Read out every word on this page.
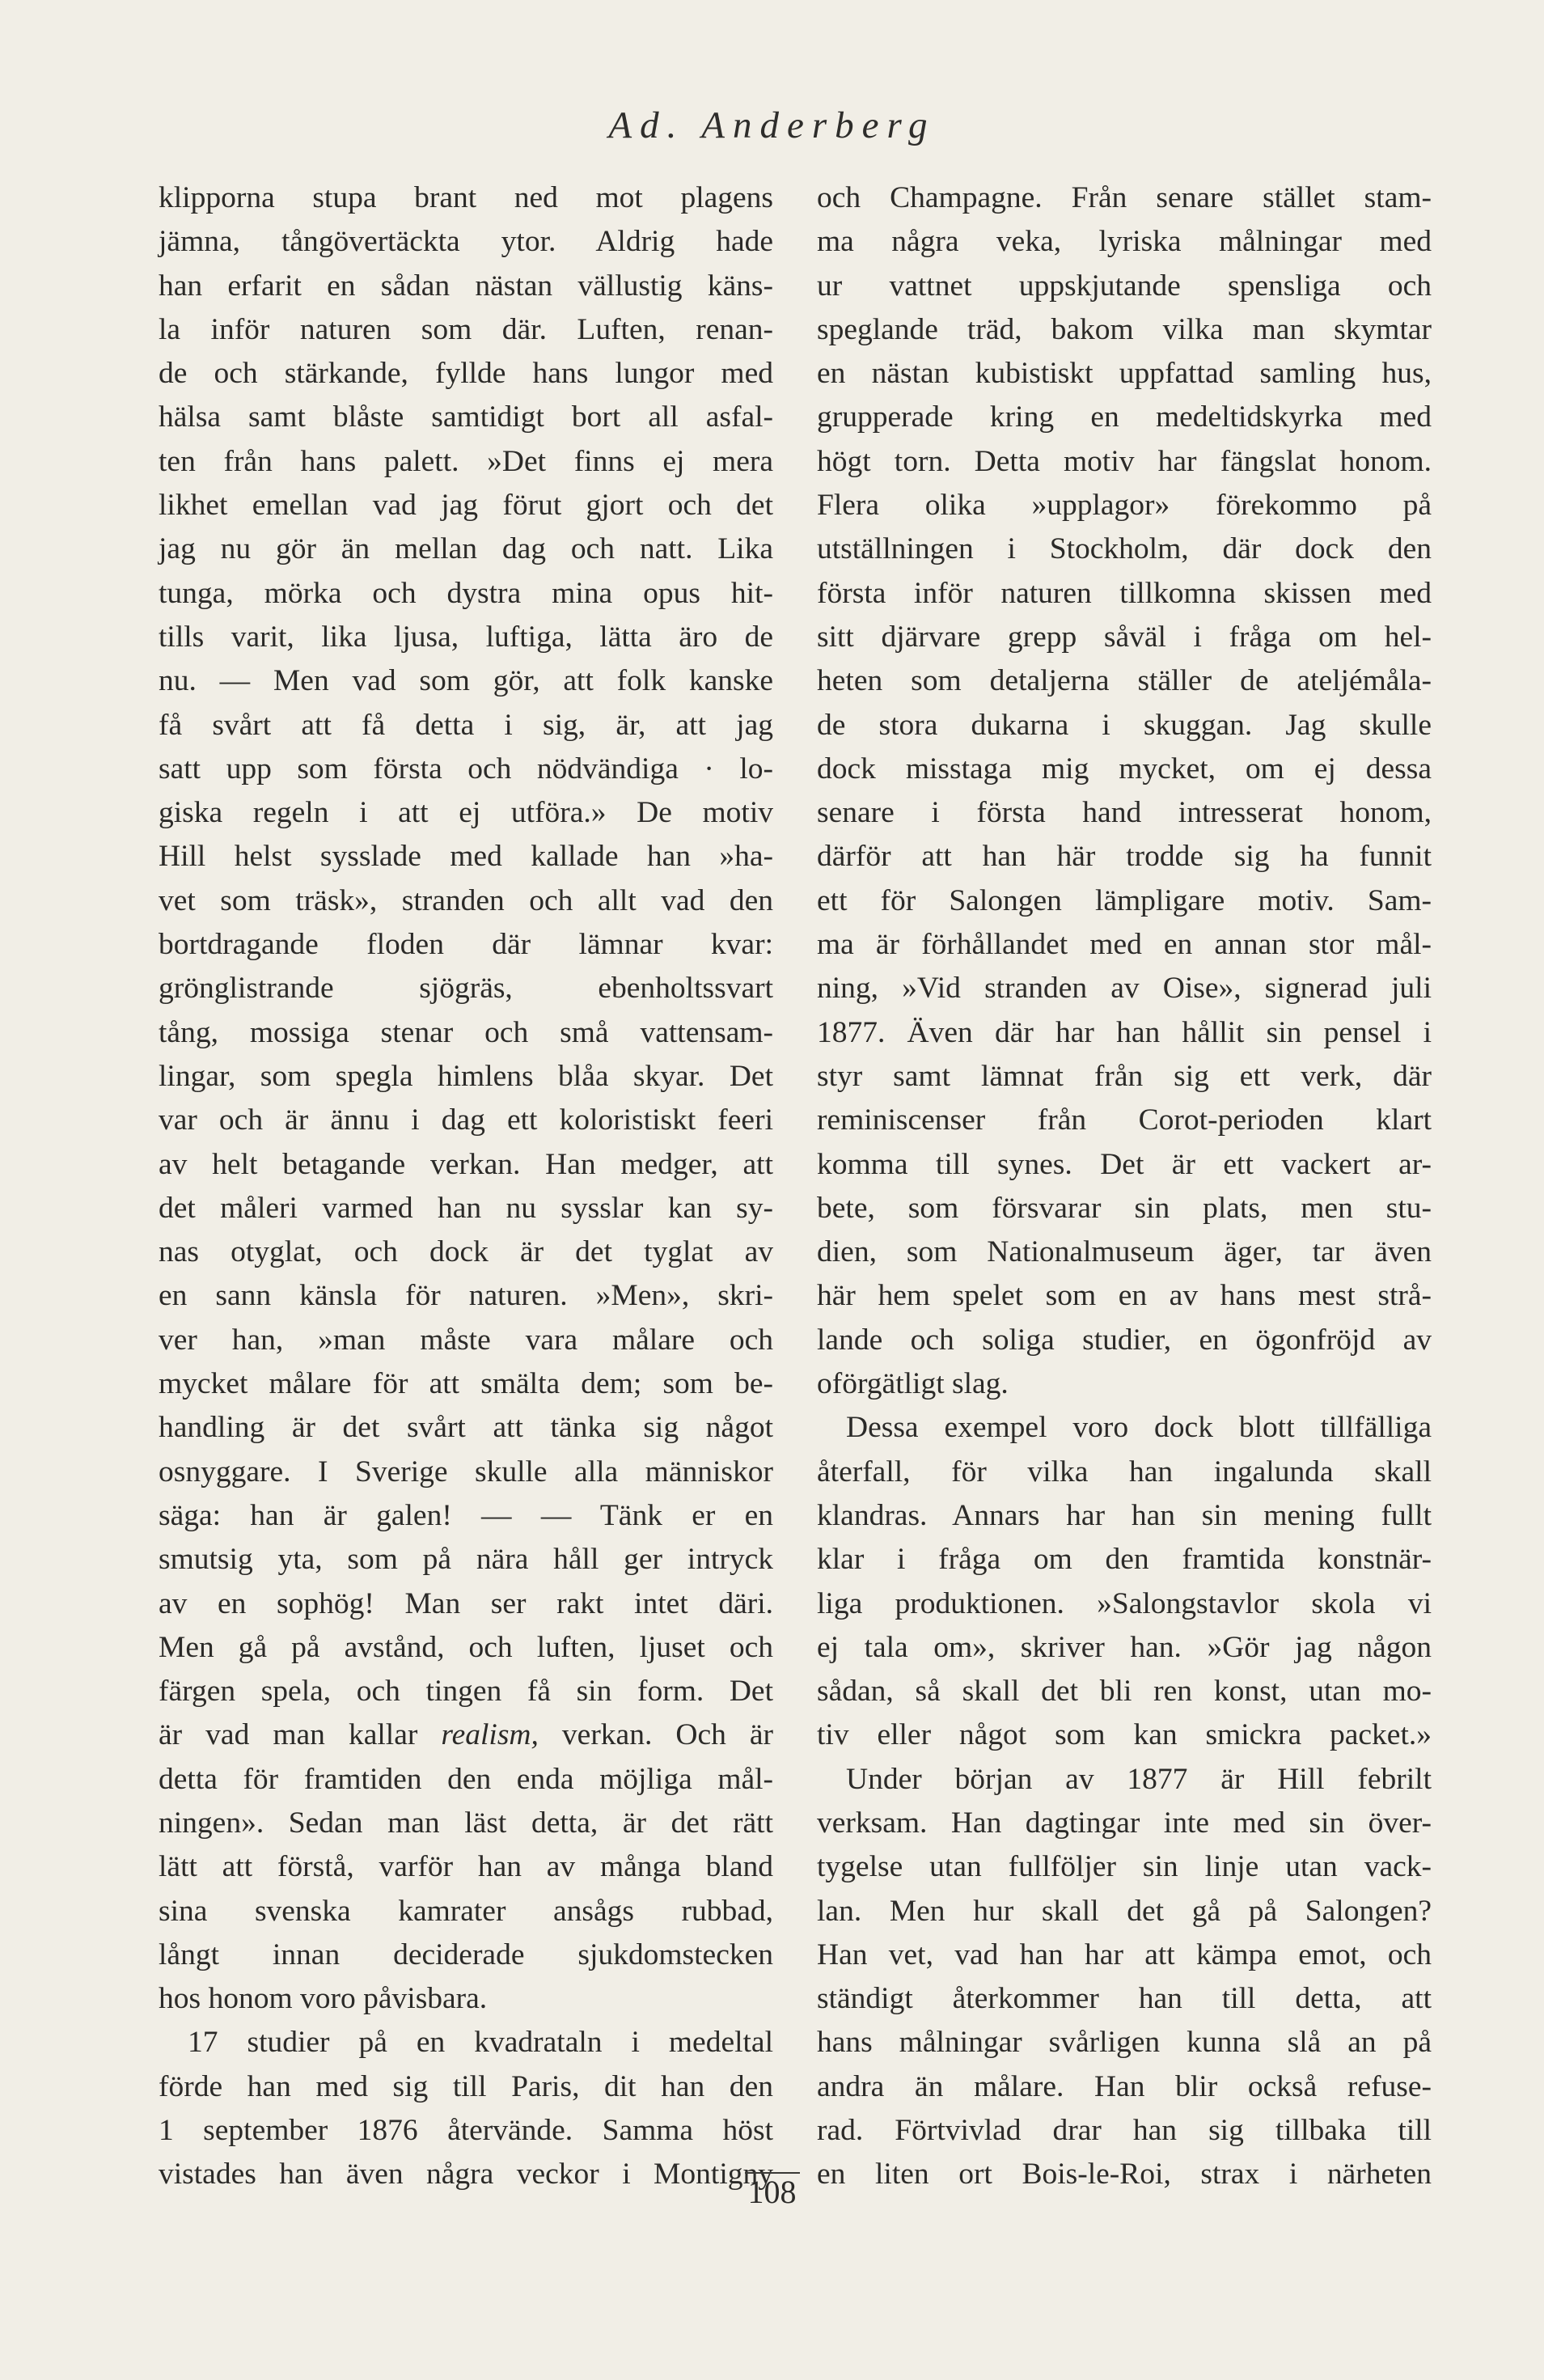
Ad. Anderberg
klipporna stupa brant ned mot plagens
jämna, tångövertäckta ytor. Aldrig hade
han erfarit en sådan nästan vällustig käns-
la inför naturen som där. Luften, renan-
de och stärkande, fyllde hans lungor med
hälsa samt blåste samtidigt bort all asfal-
ten från hans palett. »Det finns ej mera
likhet emellan vad jag förut gjort och det
jag nu gör än mellan dag och natt. Lika
tunga, mörka och dystra mina opus hit-
tills varit, lika ljusa, luftiga, lätta äro de
nu. — Men vad som gör, att folk kanske
få svårt att få detta i sig, är, att jag
satt upp som första och nödvändiga · lo-
giska regeln i att ej utföra.» De motiv
Hill helst sysslade med kallade han »ha-
vet som träsk», stranden och allt vad den
bortdragande floden där lämnar kvar:
grönglistrande sjögräs, ebenholtssvart
tång, mossiga stenar och små vattensam-
lingar, som spegla himlens blåa skyar. Det
var och är ännu i dag ett koloristiskt feeri
av helt betagande verkan. Han medger, att
det måleri varmed han nu sysslar kan sy-
nas otyglat, och dock är det tyglat av
en sann känsla för naturen. »Men», skri-
ver han, »man måste vara målare och
mycket målare för att smälta dem; som be-
handling är det svårt att tänka sig något
osnyggare. I Sverige skulle alla människor
säga: han är galen! — — Tänk er en
smutsig yta, som på nära håll ger intryck
av en sophög! Man ser rakt intet däri.
Men gå på avstånd, och luften, ljuset och
färgen spela, och tingen få sin form. Det
är vad man kallar realism, verkan. Och är
detta för framtiden den enda möjliga mål-
ningen». Sedan man läst detta, är det rätt
lätt att förstå, varför han av många bland
sina svenska kamrater ansågs rubbad,
långt innan deciderade sjukdomstecken
hos honom voro påvisbara.
17 studier på en kvadrataln i medeltal
förde han med sig till Paris, dit han den
1 september 1876 återvände. Samma höst
vistades han även några veckor i Montigny
och Champagne. Från senare stället stam-
ma några veka, lyriska målningar med
ur vattnet uppskjutande spensliga och
speglande träd, bakom vilka man skymtar
en nästan kubistiskt uppfattad samling hus,
grupperade kring en medeltidskyrka med
högt torn. Detta motiv har fängslat honom.
Flera olika »upplagor» förekommo på
utställningen i Stockholm, där dock den
första inför naturen tillkomna skissen med
sitt djärvare grepp såväl i fråga om hel-
heten som detaljerna ställer de ateljémåla-
de stora dukarna i skuggan. Jag skulle
dock misstaga mig mycket, om ej dessa
senare i första hand intresserat honom,
därför att han här trodde sig ha funnit
ett för Salongen lämpligare motiv. Sam-
ma är förhållandet med en annan stor mål-
ning, »Vid stranden av Oise», signerad juli
1877. Även där har han hållit sin pensel i
styr samt lämnat från sig ett verk, där
reminiscenser från Corot-perioden klart
komma till synes. Det är ett vackert ar-
bete, som försvarar sin plats, men stu-
dien, som Nationalmuseum äger, tar även
här hem spelet som en av hans mest strå-
lande och soliga studier, en ögonfröjd av
oförgätligt slag.
Dessa exempel voro dock blott tillfälliga
återfall, för vilka han ingalunda skall
klandras. Annars har han sin mening fullt
klar i fråga om den framtida konstnär-
liga produktionen. »Salongstavlor skola vi
ej tala om», skriver han. »Gör jag någon
sådan, så skall det bli ren konst, utan mo-
tiv eller något som kan smickra packet.»
Under början av 1877 är Hill febrilt
verksam. Han dagtingar inte med sin över-
tygelse utan fullföljer sin linje utan vack-
lan. Men hur skall det gå på Salongen?
Han vet, vad han har att kämpa emot, och
ständigt återkommer han till detta, att
hans målningar svårligen kunna slå an på
andra än målare. Han blir också refuse-
rad. Förtvivlad drar han sig tillbaka till
en liten ort Bois-le-Roi, strax i närheten
108
